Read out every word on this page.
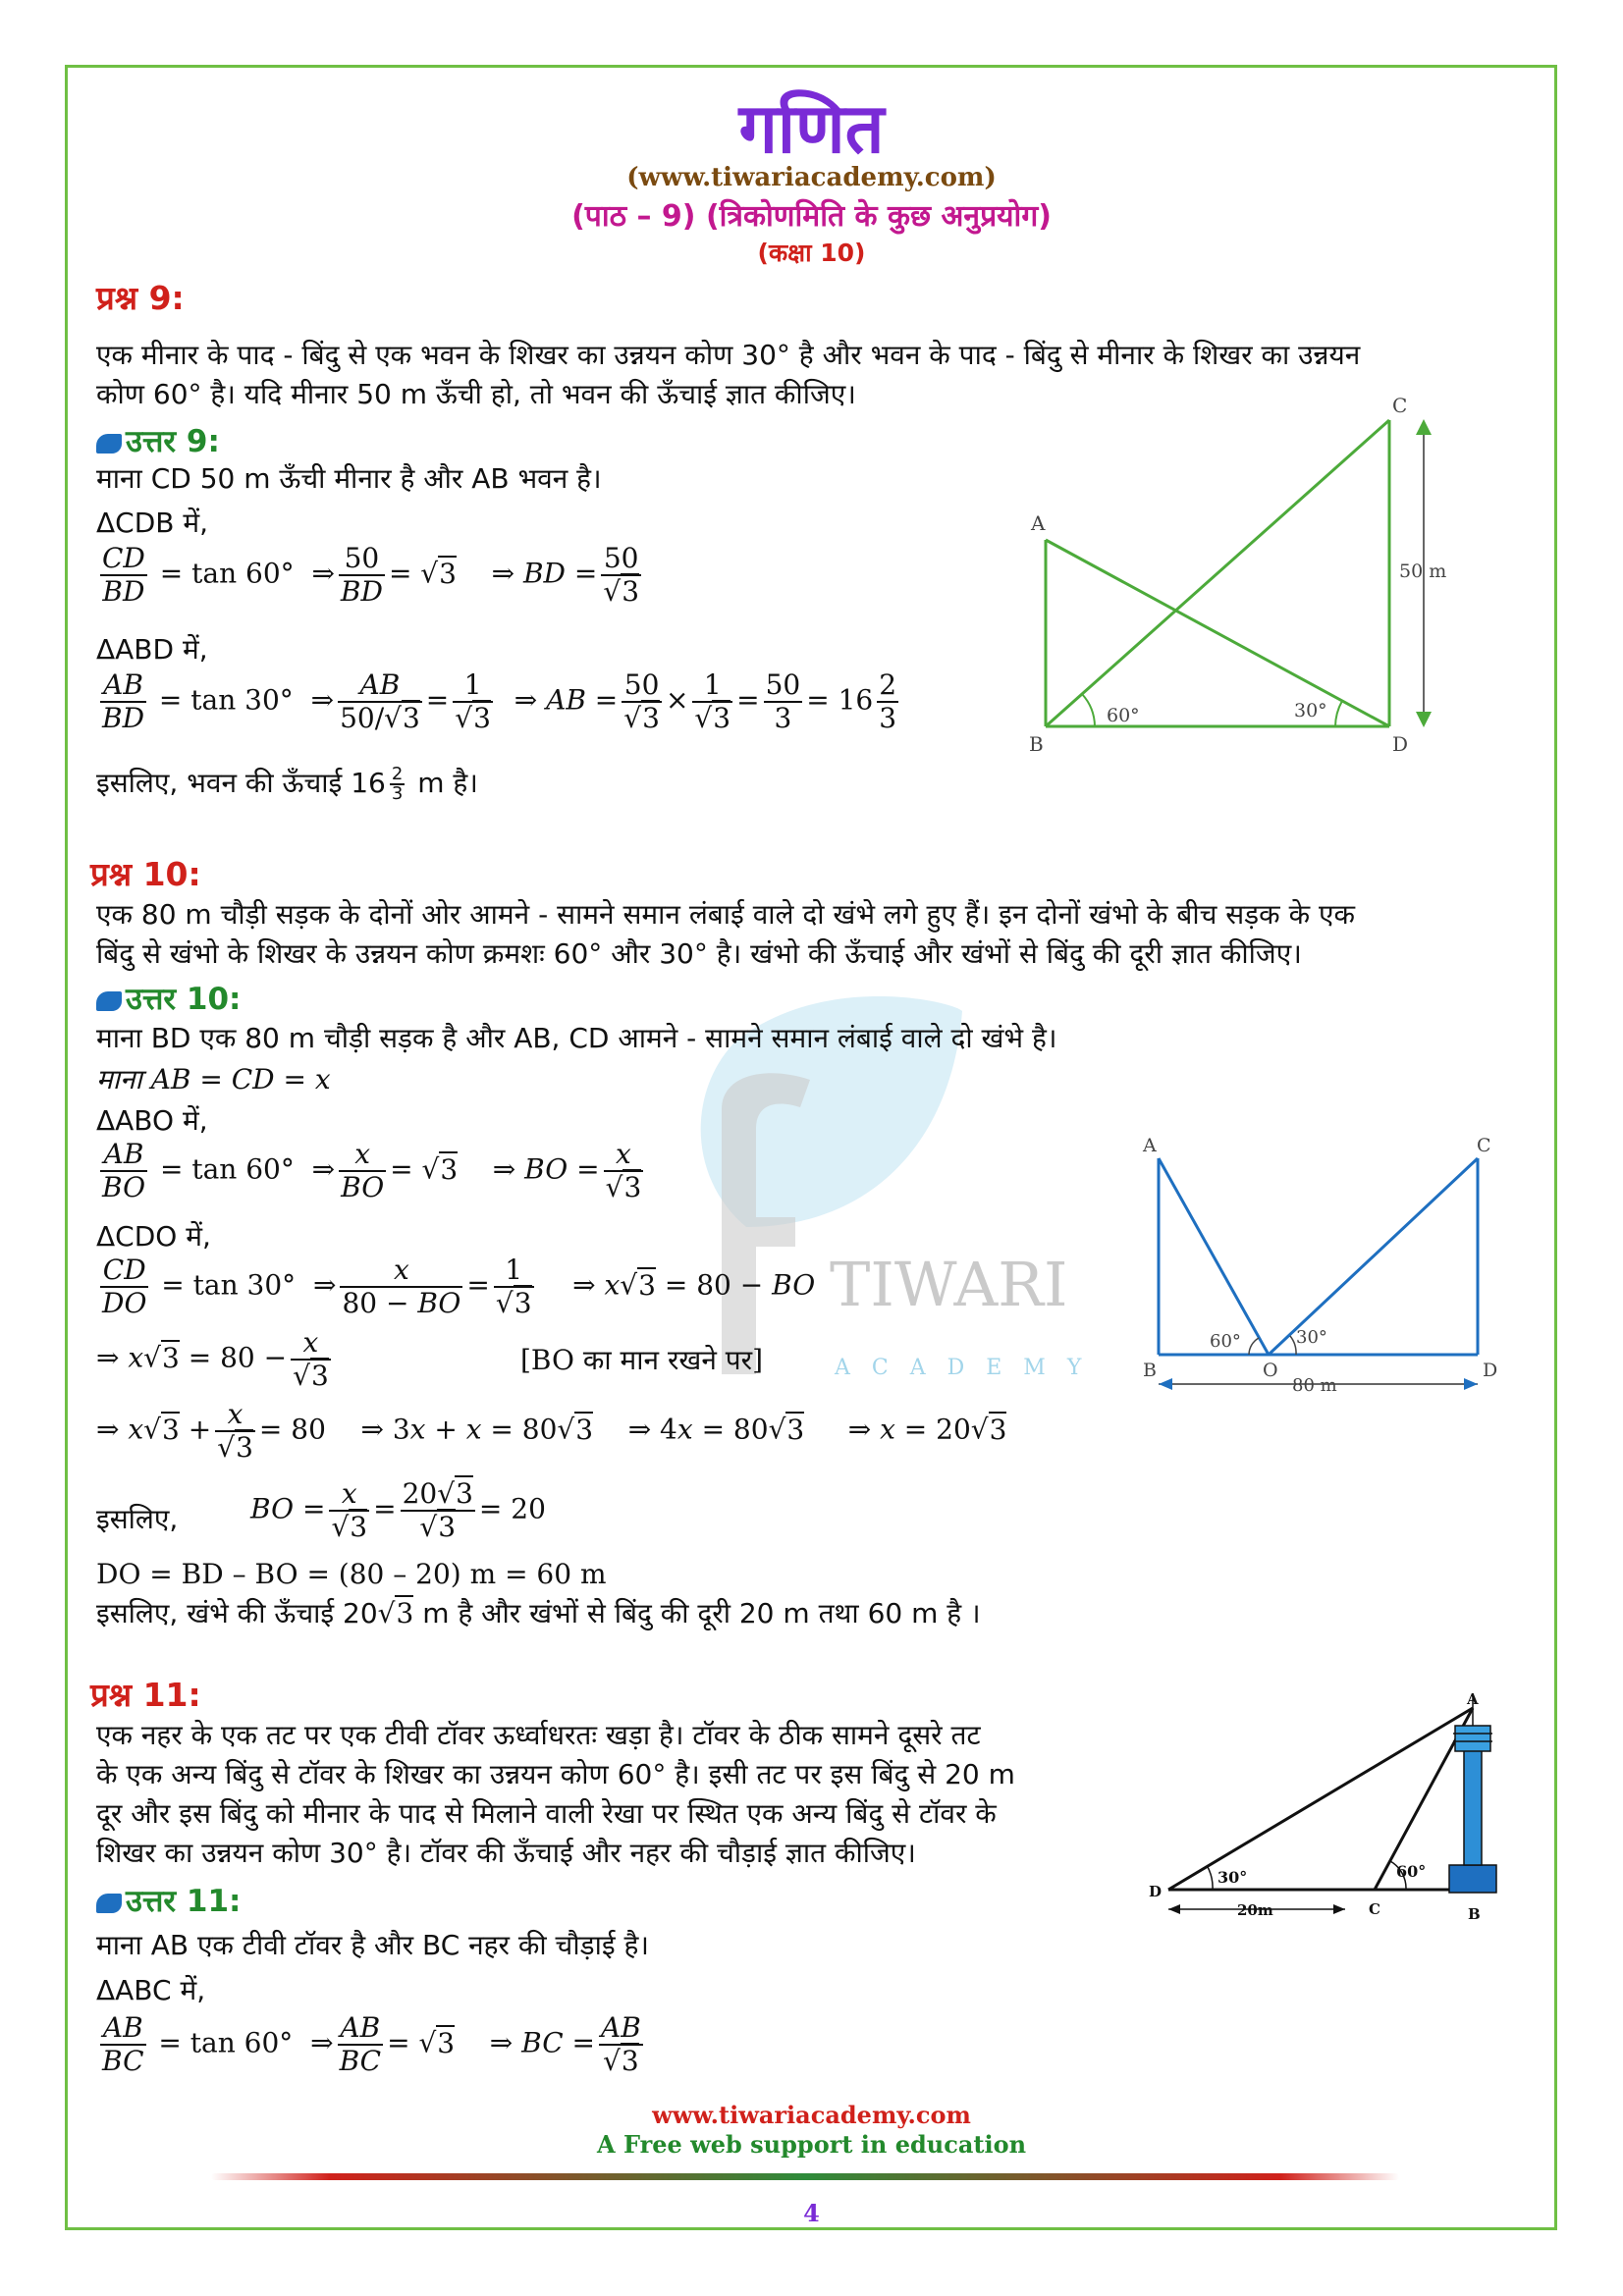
TIWARI
ACADEMY
गणित
(www.tiwariacademy.com)
(पाठ – 9) (त्रिकोणमिति के कुछ अनुप्रयोग)
(कक्षा 10)
प्रश्न 9:
एक मीनार के पाद - बिंदु से एक भवन के शिखर का उन्नयन कोण 30° है और भवन के पाद - बिंदु से मीनार के शिखर का उन्नयन
कोण 60° है। यदि मीनार 50 m ऊँची हो, तो भवन की ऊँचाई ज्ञात कीजिए।
उत्तर 9:
माना CD 50 m ऊँची मीनार है और AB भवन है।
ΔCDB में,
$\frac{CD}{BD} = \tan 60^\circ$  ⇒ $\frac{50}{BD} = √3$    ⇒ BD = $\frac{50}{√3}$
ΔABD में,
$\frac{AB}{BD} = \tan 30^\circ$  ⇒ $\frac{AB}{50/√3} = \frac{1}{√3}$ ⇒ AB = $\frac{50}{√3} \times \frac{1}{√3} = \frac{50}{3} = 16 \frac{2}{3}$
इसलिए, भवन की ऊँचाई $16 \frac{2}{3}$ m है।
A
B
C
D
60°	30°
50 m
प्रश्न 10:
एक 80 m चौड़ी सड़क के दोनों ओर आमने - सामने समान लंबाई वाले दो खंभे लगे हुए हैं। इन दोनों खंभो के बीच सड़क के एक
बिंदु से खंभो के शिखर के उन्नयन कोण क्रमशः 60° और 30° है। खंभो की ऊँचाई और खंभों से बिंदु की दूरी ज्ञात कीजिए।
उत्तर 10:
माना BD एक 80 m चौड़ी सड़क है और AB, CD आमने - सामने समान लंबाई वाले दो खंभे है।
माना AB = CD = x
ΔABO में,
$\frac{AB}{BO} = \tan 60^\circ$  ⇒ $\frac{x}{BO} = √3$    ⇒ BO = $\frac{x}{√3}$
ΔCDO में,
$\frac{CD}{DO} = \tan 30^\circ$  ⇒ $\frac{x}{80 - BO} = \frac{1}{√3}$ ⇒ x√3 = 80 − BO
⇒ $x√3 = 80 - \frac{x}{√3}$	[BO का मान रखने पर]
⇒ $x√3 + \frac{x}{√3} = 80$    ⇒ 3x + x = 80√3    ⇒ 4x = 80√3     ⇒ x = 20√3
इसलिए,	BO = $\frac{x}{√3} = \frac{20√3}{√3} = 20$
DO = BD – BO = (80 – 20) m = 60 m
इसलिए, खंभे की ऊँचाई 20√3 m है और खंभों से बिंदु की दूरी 20 m तथा 60 m है ।
A
B
C
D
O
60°	30°
80 m
प्रश्न 11:
एक नहर के एक तट पर एक टीवी टॉवर ऊर्ध्वाधरतः खड़ा है। टॉवर के ठीक सामने दूसरे तट
के एक अन्य बिंदु से टॉवर के शिखर का उन्नयन कोण 60° है। इसी तट पर इस बिंदु से 20 m
दूर और इस बिंदु को मीनार के पाद से मिलाने वाली रेखा पर स्थित एक अन्य बिंदु से टॉवर के
शिखर का उन्नयन कोण 30° है। टॉवर की ऊँचाई और नहर की चौड़ाई ज्ञात कीजिए।
उत्तर 11:
माना AB एक टीवी टॉवर है और BC नहर की चौड़ाई है।
ΔABC में,
$\frac{AB}{BC} = \tan 60^\circ$  ⇒ $\frac{AB}{BC} = √3$    ⇒ BC = $\frac{AB}{√3}$
A
B
C
D
30°	60°
20m
www.tiwariacademy.com
A Free web support in education
4
